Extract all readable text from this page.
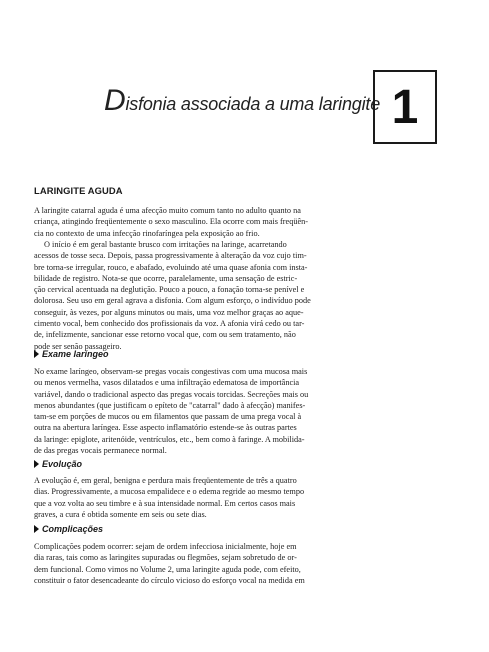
Disfonia associada a uma laringite 1
LARINGITE AGUDA
A laringite catarral aguda é uma afecção muito comum tanto no adulto quanto na
criança, atingindo freqüentemente o sexo masculino. Ela ocorre com mais freqüên-
cia no contexto de uma infecção rinofaríngea pela exposição ao frio.
O início é em geral bastante brusco com irritações na laringe, acarretando
acessos de tosse seca. Depois, passa progressivamente à alteração da voz cujo tim-
bre torna-se irregular, rouco, e abafado, evoluindo até uma quase afonia com insta-
bilidade de registro. Nota-se que ocorre, paralelamente, uma sensação de estric-
ção cervical acentuada na deglutição. Pouco a pouco, a fonação torna-se penível e
dolorosa. Seu uso em geral agrava a disfonia. Com algum esforço, o indivíduo pode
conseguir, às vezes, por alguns minutos ou mais, uma voz melhor graças ao aque-
cimento vocal, bem conhecido dos profissionais da voz. A afonia virá cedo ou tar-
de, infelizmente, sancionar esse retorno vocal que, com ou sem tratamento, não
pode ser senão passageiro.
Exame laríngeo
No exame laríngeo, observam-se pregas vocais congestivas com uma mucosa mais
ou menos vermelha, vasos dilatados e uma infiltração edematosa de importância
variável, dando o tradicional aspecto das pregas vocais torcidas. Secreções mais ou
menos abundantes (que justificam o epíteto de "catarral" dado à afecção) manifes-
tam-se em porções de mucos ou em filamentos que passam de uma prega vocal à
outra na abertura laríngea. Esse aspecto inflamatório estende-se às outras partes
da laringe: epiglote, aritenóide, ventrículos, etc., bem como à faringe. A mobilida-
de das pregas vocais permanece normal.
Evolução
A evolução é, em geral, benigna e perdura mais freqüentemente de três a quatro
dias. Progressivamente, a mucosa empalidece e o edema regride ao mesmo tempo
que a voz volta ao seu timbre e à sua intensidade normal. Em certos casos mais
graves, a cura é obtida somente em seis ou sete dias.
Complicações
Complicações podem ocorrer: sejam de ordem infecciosa inicialmente, hoje em
dia raras, tais como as laringites supuradas ou flegmões, sejam sobretudo de or-
dem funcional. Como vimos no Volume 2, uma laringite aguda pode, com efeito,
constituir o fator desencadeante do círculo vicioso do esforço vocal na medida em
